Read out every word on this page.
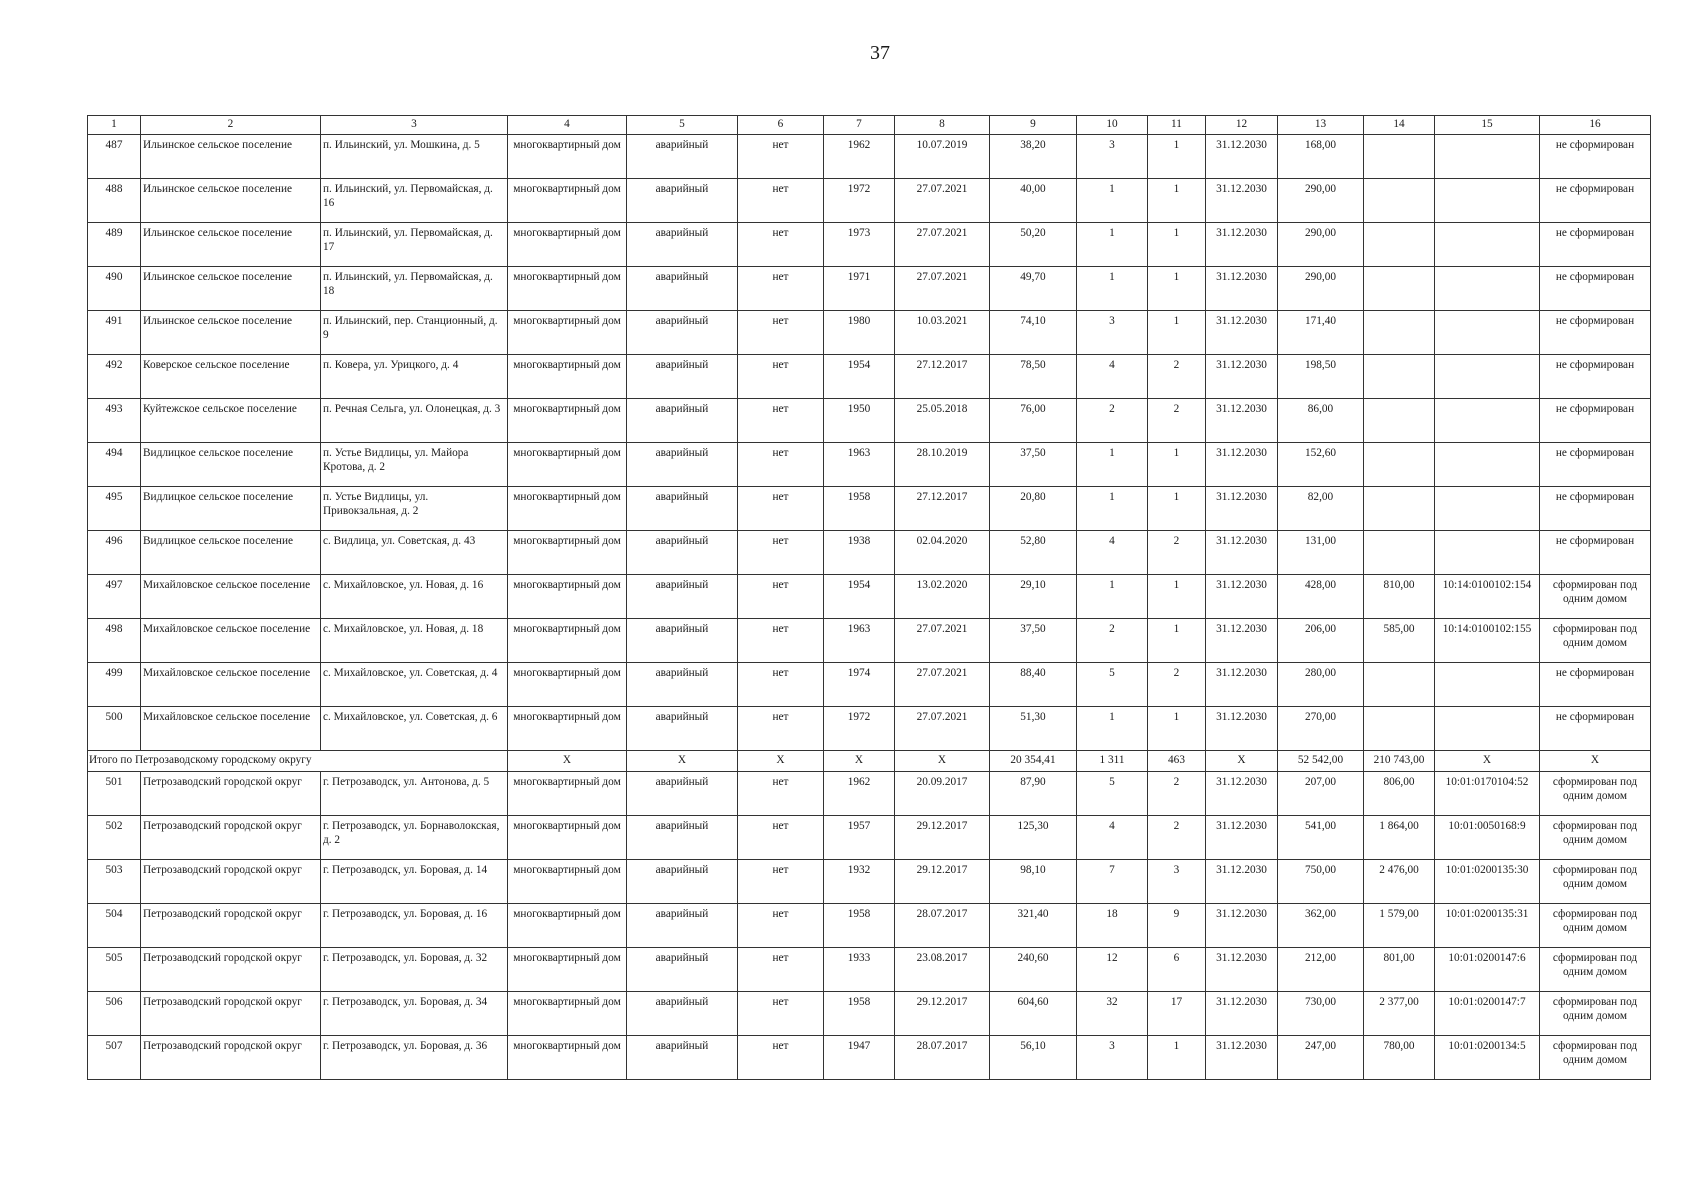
37
1	2	3	4	5	6	7	8	9	10	11	12	13	14	15	16
487	Ильинское сельское поселение	п. Ильинский, ул. Мошкина, д. 5	многоквартирный дом	аварийный	нет	1962	10.07.2019	38,20	3	1	31.12.2030	168,00			не сформирован
488	Ильинское сельское поселение	п. Ильинский, ул. Первомайская, д. 16	многоквартирный дом	аварийный	нет	1972	27.07.2021	40,00	1	1	31.12.2030	290,00			не сформирован
489	Ильинское сельское поселение	п. Ильинский, ул. Первомайская, д. 17	многоквартирный дом	аварийный	нет	1973	27.07.2021	50,20	1	1	31.12.2030	290,00			не сформирован
490	Ильинское сельское поселение	п. Ильинский, ул. Первомайская, д. 18	многоквартирный дом	аварийный	нет	1971	27.07.2021	49,70	1	1	31.12.2030	290,00			не сформирован
491	Ильинское сельское поселение	п. Ильинский, пер. Станционный, д. 9	многоквартирный дом	аварийный	нет	1980	10.03.2021	74,10	3	1	31.12.2030	171,40			не сформирован
492	Коверское сельское поселение	п. Ковера, ул. Урицкого, д. 4	многоквартирный дом	аварийный	нет	1954	27.12.2017	78,50	4	2	31.12.2030	198,50			не сформирован
493	Куйтежское сельское поселение	п. Речная Сельга, ул. Олонецкая, д. 3	многоквартирный дом	аварийный	нет	1950	25.05.2018	76,00	2	2	31.12.2030	86,00			не сформирован
494	Видлицкое сельское поселение	п. Устье Видлицы, ул. Майора Кротова, д. 2	многоквартирный дом	аварийный	нет	1963	28.10.2019	37,50	1	1	31.12.2030	152,60			не сформирован
495	Видлицкое сельское поселение	п. Устье Видлицы, ул. Привокзальная, д. 2	многоквартирный дом	аварийный	нет	1958	27.12.2017	20,80	1	1	31.12.2030	82,00			не сформирован
496	Видлицкое сельское поселение	с. Видлица, ул. Советская, д. 43	многоквартирный дом	аварийный	нет	1938	02.04.2020	52,80	4	2	31.12.2030	131,00			не сформирован
497	Михайловское сельское поселение	с. Михайловское, ул. Новая, д. 16	многоквартирный дом	аварийный	нет	1954	13.02.2020	29,10	1	1	31.12.2030	428,00	810,00	10:14:0100102:154	сформирован под одним домом
498	Михайловское сельское поселение	с. Михайловское, ул. Новая, д. 18	многоквартирный дом	аварийный	нет	1963	27.07.2021	37,50	2	1	31.12.2030	206,00	585,00	10:14:0100102:155	сформирован под одним домом
499	Михайловское сельское поселение	с. Михайловское, ул. Советская, д. 4	многоквартирный дом	аварийный	нет	1974	27.07.2021	88,40	5	2	31.12.2030	280,00			не сформирован
500	Михайловское сельское поселение	с. Михайловское, ул. Советская, д. 6	многоквартирный дом	аварийный	нет	1972	27.07.2021	51,30	1	1	31.12.2030	270,00			не сформирован
Итого по Петрозаводскому городскому округу			X	X	X	X	X	20 354,41	1 311	463	X	52 542,00	210 743,00	X	X
501	Петрозаводский городской округ	г. Петрозаводск, ул. Антонова, д. 5	многоквартирный дом	аварийный	нет	1962	20.09.2017	87,90	5	2	31.12.2030	207,00	806,00	10:01:0170104:52	сформирован под одним домом
502	Петрозаводский городской округ	г. Петрозаводск, ул. Борнаволокская, д. 2	многоквартирный дом	аварийный	нет	1957	29.12.2017	125,30	4	2	31.12.2030	541,00	1 864,00	10:01:0050168:9	сформирован под одним домом
503	Петрозаводский городской округ	г. Петрозаводск, ул. Боровая, д. 14	многоквартирный дом	аварийный	нет	1932	29.12.2017	98,10	7	3	31.12.2030	750,00	2 476,00	10:01:0200135:30	сформирован под одним домом
504	Петрозаводский городской округ	г. Петрозаводск, ул. Боровая, д. 16	многоквартирный дом	аварийный	нет	1958	28.07.2017	321,40	18	9	31.12.2030	362,00	1 579,00	10:01:0200135:31	сформирован под одним домом
505	Петрозаводский городской округ	г. Петрозаводск, ул. Боровая, д. 32	многоквартирный дом	аварийный	нет	1933	23.08.2017	240,60	12	6	31.12.2030	212,00	801,00	10:01:0200147:6	сформирован под одним домом
506	Петрозаводский городской округ	г. Петрозаводск, ул. Боровая, д. 34	многоквартирный дом	аварийный	нет	1958	29.12.2017	604,60	32	17	31.12.2030	730,00	2 377,00	10:01:0200147:7	сформирован под одним домом
507	Петрозаводский городской округ	г. Петрозаводск, ул. Боровая, д. 36	многоквартирный дом	аварийный	нет	1947	28.07.2017	56,10	3	1	31.12.2030	247,00	780,00	10:01:0200134:5	сформирован под одним домом
